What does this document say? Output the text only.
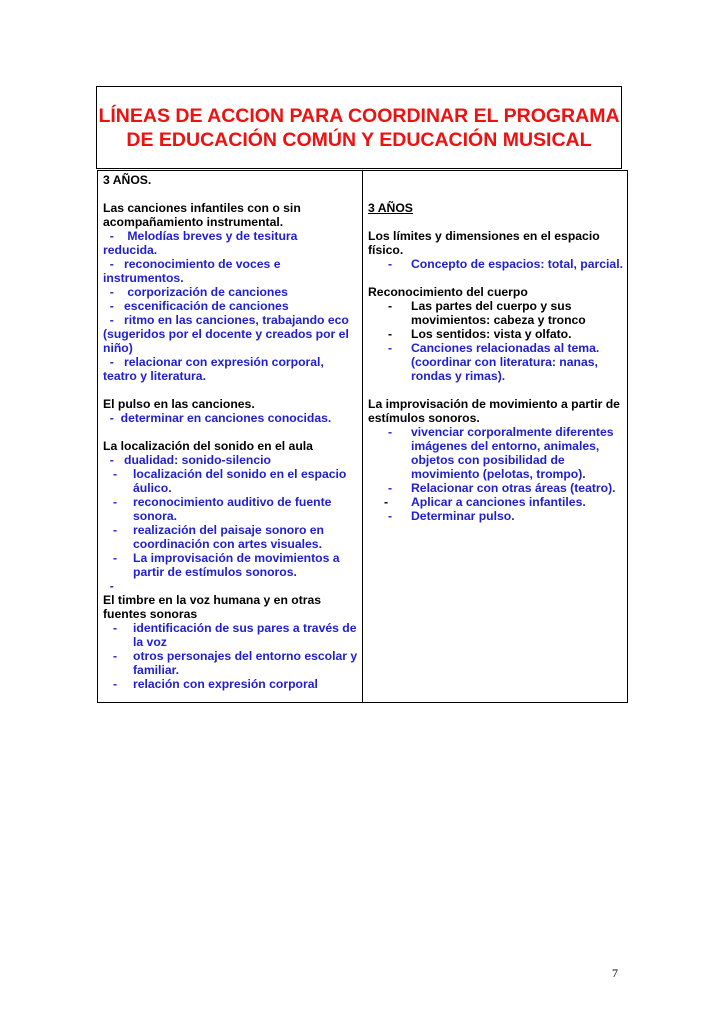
LÍNEAS DE ACCION PARA COORDINAR EL PROGRAMA DE EDUCACIÓN COMÚN Y EDUCACIÓN MUSICAL

3 AÑOS.

Las canciones infantiles con o sin acompañamiento instrumental.

- Melodías breves y de tesitura

reducida.

- reconocimiento de voces e

instrumentos.

- corporización de canciones

- escenificación de canciones

- ritmo en las canciones, trabajando eco

(sugeridos por el docente y creados por el niño)

- relacionar con expresión corporal,

teatro y literatura.

El pulso en las canciones.

- determinar en canciones conocidas.

La localización del sonido en el aula

- dualidad: sonido-silencio

-	localización del sonido en el espacio áulico.
-	reconocimiento auditivo de fuente sonora.
-	realización del paisaje sonoro en coordinación con artes visuales.
-	La improvisación de movimientos a partir de estímulos sonoros.

-

El timbre en la voz humana y en otras fuentes sonoras

-	identificación de sus pares a través de la voz
-	otros personajes del entorno escolar y familiar.
-	relación con expresión corporal

3 AÑOS

Los límites y dimensiones en el espacio físico.

-	Concepto de espacios: total, parcial.

Reconocimiento del cuerpo

-	Las partes del cuerpo y sus movimientos: cabeza y tronco
-	Los sentidos: vista y olfato.
-	Canciones relacionadas al tema. (coordinar con literatura: nanas, rondas y rimas).

La improvisación de movimiento a partir de estímulos sonoros.

-	vivenciar corporalmente diferentes imágenes del entorno, animales, objetos con posibilidad de movimiento (pelotas, trompo).
-	Relacionar con otras áreas (teatro).
-	Aplicar a canciones infantiles.
-	Determinar pulso.
7
